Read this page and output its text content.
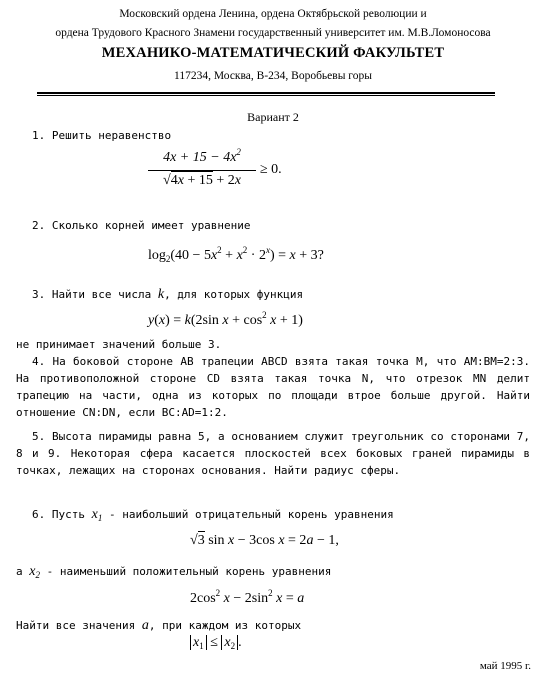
Московский ордена Ленина, ордена Октябрьской революции и
ордена Трудового Красного Знамени государственный университет им. М.В.Ломоносова
МЕХАНИКО-МАТЕМАТИЧЕСКИЙ ФАКУЛЬТЕТ
117234, Москва, В-234, Воробьевы горы
Вариант 2
1. Решить неравенство
$4x + 15 - 4x^2$
√4x + 15 + 2x
≥ 0.
2. Сколько корней имеет уравнение
$\log_2(40 - 5x^2 + x^2 \cdot 2^x) = x + 3$?
3. Найти все числа k, для которых функция
y(x) = k(2sin $x + \cos^2 x + 1$)
не принимает значений больше 3.
4. На боковой стороне AB трапеции ABCD взята такая точка M, что AM:BM=2:3. На противоположной стороне CD взята такая точка N, что отрезок MN делит трапецию на части, одна из которых по площади втрое больше другой. Найти отношение CN:DN, если BC:AD=1:2.
5. Высота пирамиды равна 5, а основанием служит треугольник со сторонами 7, 8 и 9. Некоторая сфера касается плоскостей всех боковых граней пирамиды в точках, лежащих на сторонах основания. Найти радиус сферы.
6. Пусть $x_1$ - наибольший отрицательный корень уравнения
√3 sin x − 3cos x = 2a − 1,
а $x_2$ - наименьший положительный корень уравнения
$2\cos^2$ $x - 2\sin^2$ x = a
Найти все значения a, при каждом из которых
$x_1 \le x_2$ .
май 1995 г.
